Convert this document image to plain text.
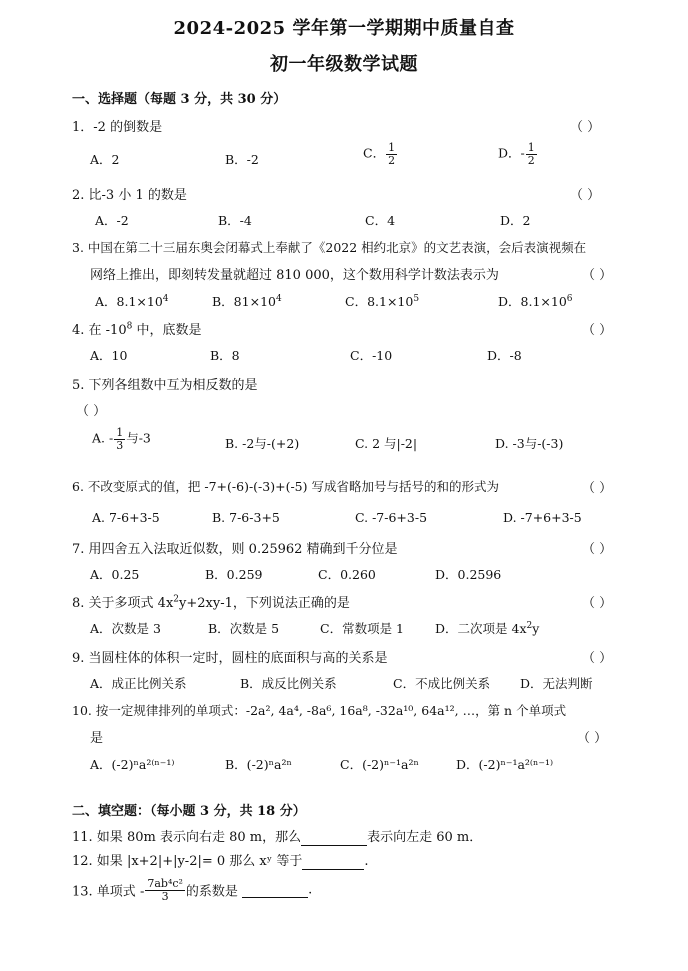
2024-2025 学年第一学期期中质量自查
初一年级数学试题
一、选择题（每题 3 分，共 30 分）
1．-2 的倒数是	（ ）
A．2	B．-2	C． $\frac{1}{2}$	D．- $\frac{1}{2}$
2. 比-3 小 1 的数是	（ ）
A．-2	B．-4	C．4	D．2
3. 中国在第二十三届东奥会闭幕式上奉献了《2022 相约北京》的文艺表演，会后表演视频在
网络上推出，即刻转发量就超过 810 000，这个数用科学计数法表示为	（ ）
A．$8.1\times 10^4$	B．$81\times 10^4$	C．$8.1\times 10^5$	D．$8.1\times 10^6$
4. 在 $-10^8$ 中，底数是	（ ）
A．10	B．8	C．-10	D．-8
5. 下列各组数中互为相反数的是
（ ）
A. - $\frac{1}{3}$ 与-3	B. -2与-(+2)	C. 2 与|-2|	D. -3与-(-3)
6. 不改变原式的值，把 -7+(-6)-(-3)+(-5) 写成省略加号与括号的和的形式为	（ ）
A. 7-6+3-5	B. 7-6-3+5	C. -7-6+3-5	D. -7+6+3-5
7. 用四舍五入法取近似数，则 0.25962 精确到千分位是	（ ）
A．0.25	B．0.259	C．0.260	D．0.2596
8. 关于多项式 $4x^2y+2xy-1$，下列说法正确的是	（ ）
A．次数是 3	B．次数是 5	C．常数项是 1 D．二次项是 $4x^2y$
9. 当圆柱体的体积一定时，圆柱的底面积与高的关系是	（ ）
A．成正比例关系	B．成反比例关系	C．不成比例关系 D．无法判断
10. 按一定规律排列的单项式：-2a², 4a⁴, -8a⁶, 16a⁸, -32a¹⁰, 64a¹², …，第 n 个单项式
是	（ ）
A．(-2)ⁿa²⁽ⁿ⁻¹⁾	B．(-2)ⁿa²ⁿ	C．(-2)ⁿ⁻¹a²ⁿ	D．(-2)ⁿ⁻¹a²⁽ⁿ⁻¹⁾
二、填空题：（每小题 3 分，共 18 分）
11. 如果 80m 表示向右走 80 m，那么	表示向左走 60 m．
12. 如果 |x+2|+|y-2|= 0 那么 xʸ 等于	.
13. 单项式 - $\frac{\text{7ab⁴c²}}{3}$ 的系数是	.
